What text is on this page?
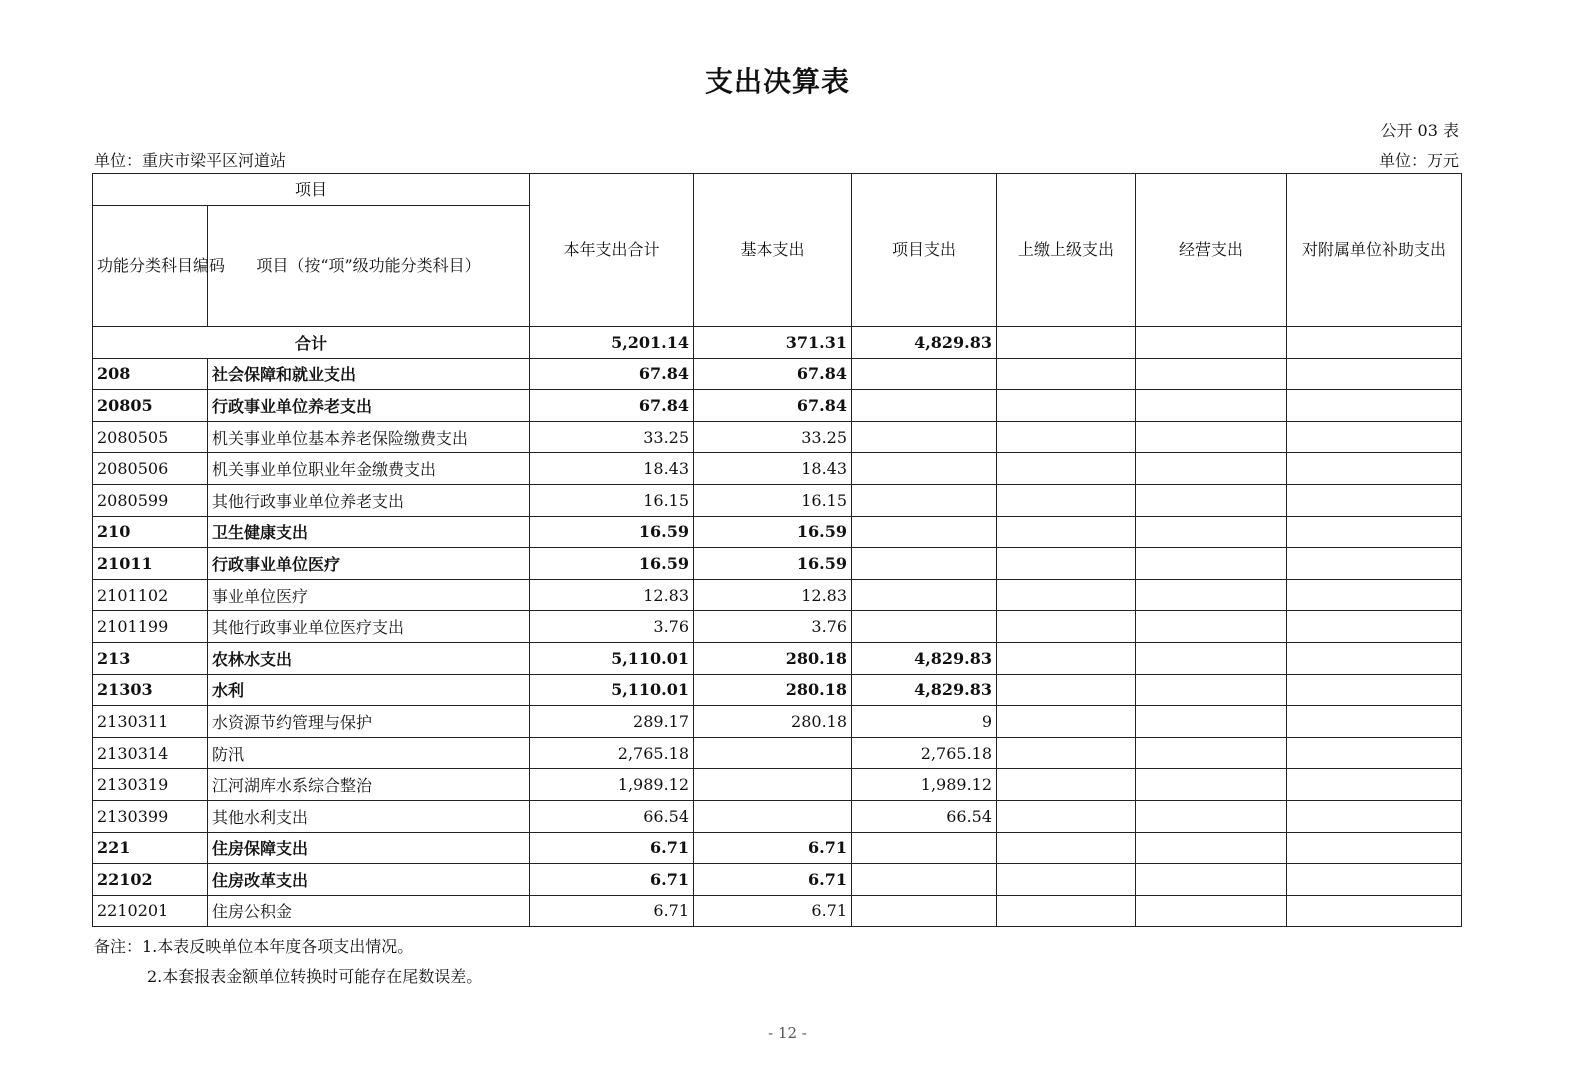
支出决算表
公开 03 表
单位：重庆市梁平区河道站	单位：万元
项目		本年支出合计	基本支出	项目支出	上缴上级支出	经营支出	对附属单位补助支出
功能分类科目编码	项目（按“项”级功能分类科目）						
合计		5,201.14	371.31	4,829.83			
208	社会保障和就业支出	67.84	67.84				
20805	行政事业单位养老支出	67.84	67.84				
2080505	机关事业单位基本养老保险缴费支出	33.25	33.25				
2080506	机关事业单位职业年金缴费支出	18.43	18.43				
2080599	其他行政事业单位养老支出	16.15	16.15				
210	卫生健康支出	16.59	16.59				
21011	行政事业单位医疗	16.59	16.59				
2101102	事业单位医疗	12.83	12.83				
2101199	其他行政事业单位医疗支出	3.76	3.76				
213	农林水支出	5,110.01	280.18	4,829.83			
21303	水利	5,110.01	280.18	4,829.83			
2130311	水资源节约管理与保护	289.17	280.18	9			
2130314	防汛	2,765.18		2,765.18			
2130319	江河湖库水系综合整治	1,989.12		1,989.12			
2130399	其他水利支出	66.54		66.54			
221	住房保障支出	6.71	6.71				
22102	住房改革支出	6.71	6.71				
2210201	住房公积金	6.71	6.71				
备注：1.本表反映单位本年度各项支出情况。
2.本套报表金额单位转换时可能存在尾数误差。
- 12 -
